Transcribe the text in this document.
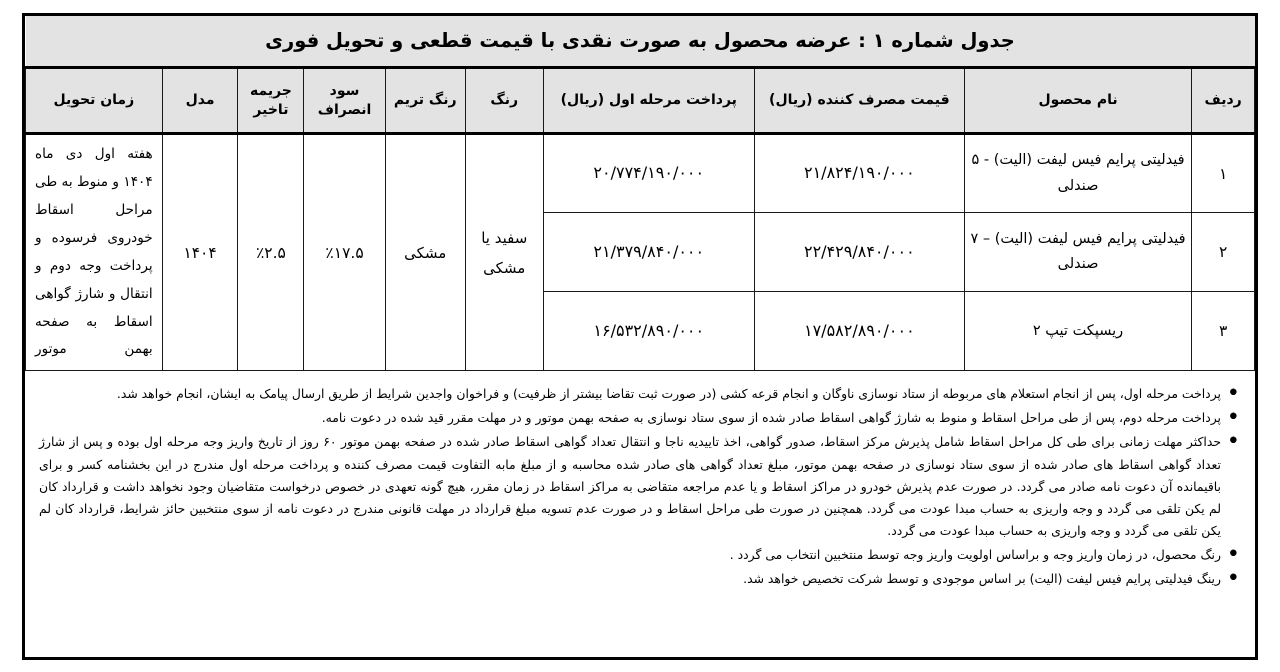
جدول شماره ۱ : عرضه محصول به صورت نقدی با قیمت قطعی و تحویل فوری									
ردیف	نام محصول	قیمت مصرف کننده (ریال)	پرداخت مرحله اول (ریال)	رنگ	رنگ تریم	سود انصراف	جریمه تاخیر	مدل	زمان تحویل
۱	فیدلیتی پرایم فیس لیفت (الیت) - ۵ صندلی	۲۱/۸۲۴/۱۹۰/۰۰۰	۲۰/۷۷۴/۱۹۰/۰۰۰	سفید یا مشکی	مشکی	٪۱۷.۵	٪۲.۵	۱۴۰۴	هفته اول دی ماه ۱۴۰۴ و منوط به طی مراحل اسقاط خودروی فرسوده و پرداخت وجه دوم و انتقال و شارژ گواهی اسقاط به صفحه بهمن موتور
۲	فیدلیتی پرایم فیس لیفت (الیت) – ۷ صندلی	۲۲/۴۲۹/۸۴۰/۰۰۰	۲۱/۳۷۹/۸۴۰/۰۰۰						
۳	ریسپکت تیپ ۲	۱۷/۵۸۲/۸۹۰/۰۰۰	۱۶/۵۳۲/۸۹۰/۰۰۰						
● پرداخت مرحله اول، پس از انجام استعلام های مربوطه از ستاد نوسازی ناوگان و انجام قرعه کشی (در صورت ثبت تقاضا بیشتر از ظرفیت) و فراخوان واجدین شرایط از طریق ارسال پیامک به ایشان، انجام خواهد شد.
● پرداخت مرحله دوم، پس از طی مراحل اسقاط و منوط به شارژ گواهی اسقاط صادر شده از سوی ستاد نوسازی به صفحه بهمن موتور و در مهلت مقرر قید شده در دعوت نامه.
● حداکثر مهلت زمانی برای طی کل مراحل اسقاط شامل پذیرش مرکز اسقاط، صدور گواهی، اخذ تاییدیه ناجا و انتقال تعداد گواهی اسقاط صادر شده در صفحه بهمن موتور ۶۰ روز از تاریخ واریز وجه مرحله اول بوده و پس از شارژ تعداد گواهی اسقاط های صادر شده از سوی ستاد نوسازی در صفحه بهمن موتور، مبلغ تعداد گواهی های صادر شده محاسبه و از مبلغ مابه التفاوت قیمت مصرف کننده و پرداخت مرحله اول مندرج در این بخشنامه کسر و برای باقیمانده آن دعوت نامه صادر می گردد. در صورت عدم پذیرش خودرو در مراکز اسقاط و یا عدم مراجعه متقاضی به مراکز اسقاط در زمان مقرر، هیچ گونه تعهدی در خصوص درخواست متقاضیان وجود نخواهد داشت و قرارداد کان لم یکن تلقی می گردد و وجه واریزی به حساب مبدا عودت می گردد. همچنین در صورت طی مراحل اسقاط و در صورت عدم تسویه مبلغ قرارداد در مهلت قانونی مندرج در دعوت نامه از سوی منتخبین حائز شرایط، قرارداد کان لم یکن تلقی می گردد و وجه واریزی به حساب مبدا عودت می گردد.
● رنگ محصول، در زمان واریز وجه و براساس اولویت واریز وجه توسط منتخبین انتخاب می گردد .
● رینگ فیدلیتی پرایم فیس لیفت (الیت) بر اساس موجودی و توسط شرکت تخصیص خواهد شد.
